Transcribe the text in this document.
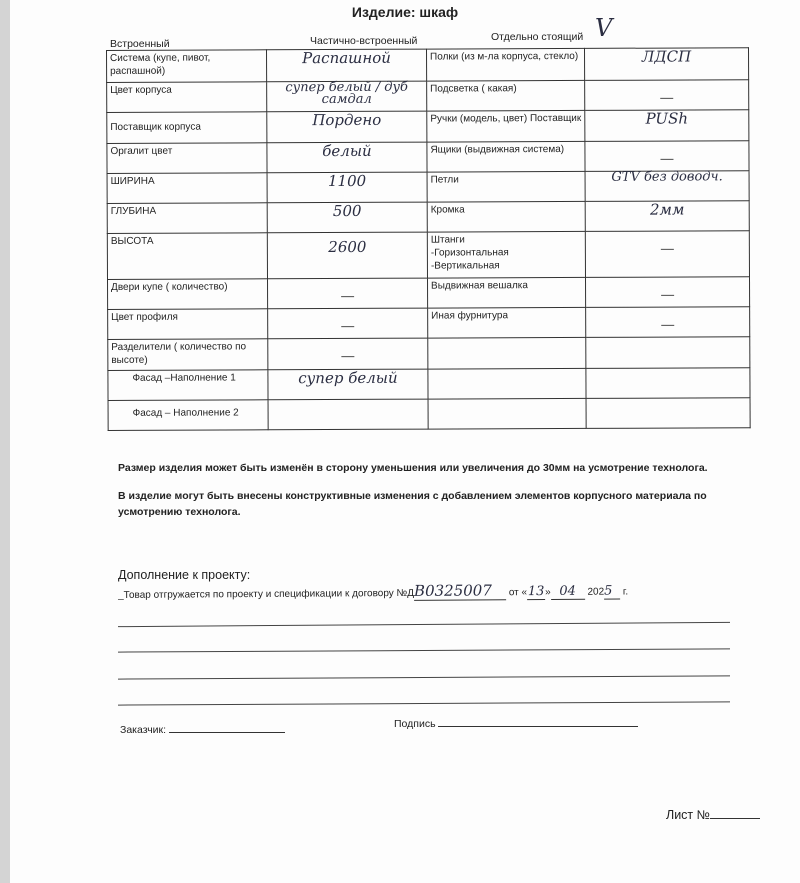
Изделие: шкаф
Встроенный	Частично-встроенный	Отдельно стоящий V
Система (купе, пивот, распашной)	Распашной	Полки (из м-ла корпуса, стекло)	ЛДСП

Цвет корпуса	супер белый / дуб самдал	Подсветка ( какая)	—

Поставщик корпуса	Пордено	Ручки (модель, цвет) Поставщик	PUSh

Оргалит цвет	белый	Ящики (выдвижная система)	—

ШИРИНА	1100	Петли	GTV без доводч.

ГЛУБИНА	500	Кромка	2мм

ВЫСОТА	2600	Штанги
-Горизонтальная
-Вертикальная	—

Двери купе ( количество)	—	Выдвижная вешалка	—

Цвет профиля	—	Иная фурнитура	—

Разделители ( количество по высоте)	—		

Фасад –Наполнение 1	супер белый		

Фасад – Наполнение 2			
Размер изделия может быть изменён в сторону уменьшения или увеличения до 30мм на усмотрение технолога.
В изделие могут быть внесены конструктивные изменения с добавлением элементов корпусного материала по усмотрению технолога.
Дополнение к проекту:
_Товар отгружается по проекту и спецификации к договору №ДВ0325007 от «13» 04 2025 г.
Заказчик:	Подпись
Лист №
